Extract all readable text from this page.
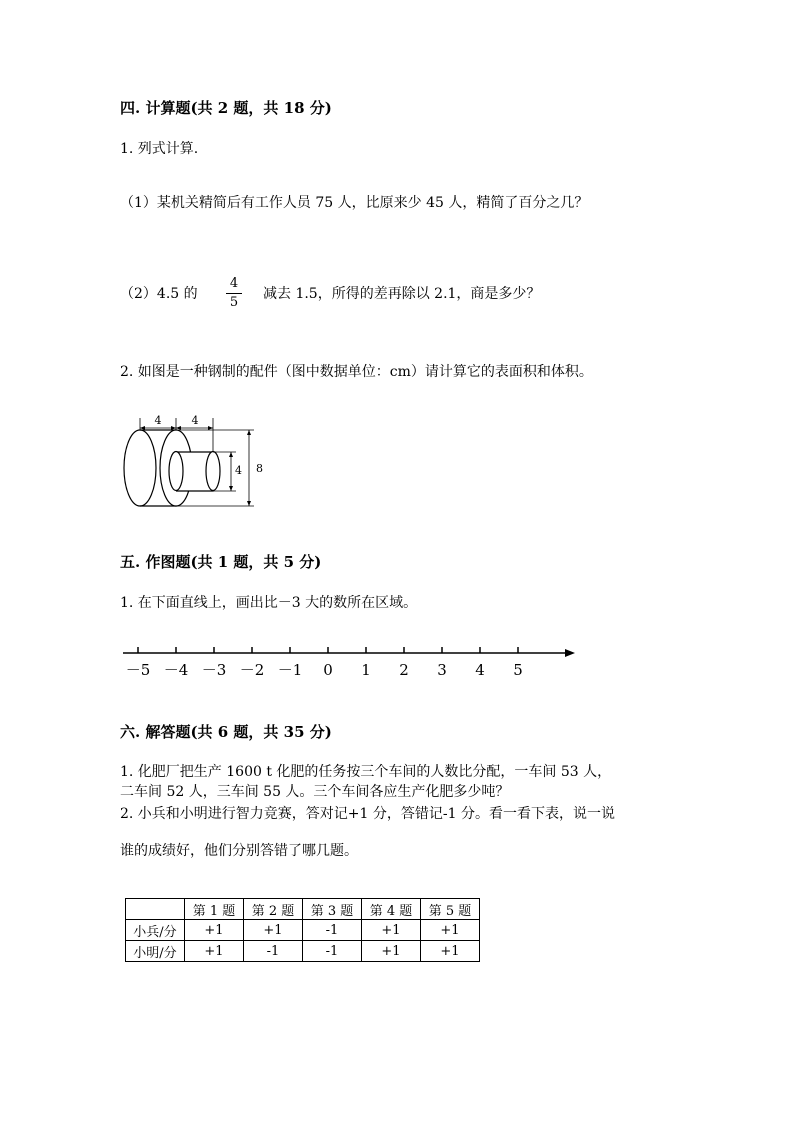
四. 计算题(共 2 题，共 18 分)
1. 列式计算.
（1）某机关精简后有工作人员 75 人，比原来少 45 人，精简了百分之几？
（2）4.5 的
4
5
减去 1.5，所得的差再除以 2.1，商是多少？
2. 如图是一种钢制的配件（图中数据单位：cm）请计算它的表面积和体积。
4	4
4 8
五. 作图题(共 1 题，共 5 分)
1. 在下面直线上，画出比－3 大的数所在区域。
－5 －4 －3 －2 －1 0 1 2 3 4 5
六. 解答题(共 6 题，共 35 分)
1. 化肥厂把生产 1600 t 化肥的任务按三个车间的人数比分配，一车间 53 人，
二车间 52 人，三车间 55 人。三个车间各应生产化肥多少吨？
2. 小兵和小明进行智力竞赛，答对记+1 分，答错记-1 分。看一看下表，说一说
谁的成绩好，他们分别答错了哪几题。
	第 1 题	第 2 题	第 3 题	第 4 题	第 5 题
小兵/分	+1	+1	-1	+1	+1
小明/分	+1	-1	-1	+1	+1
